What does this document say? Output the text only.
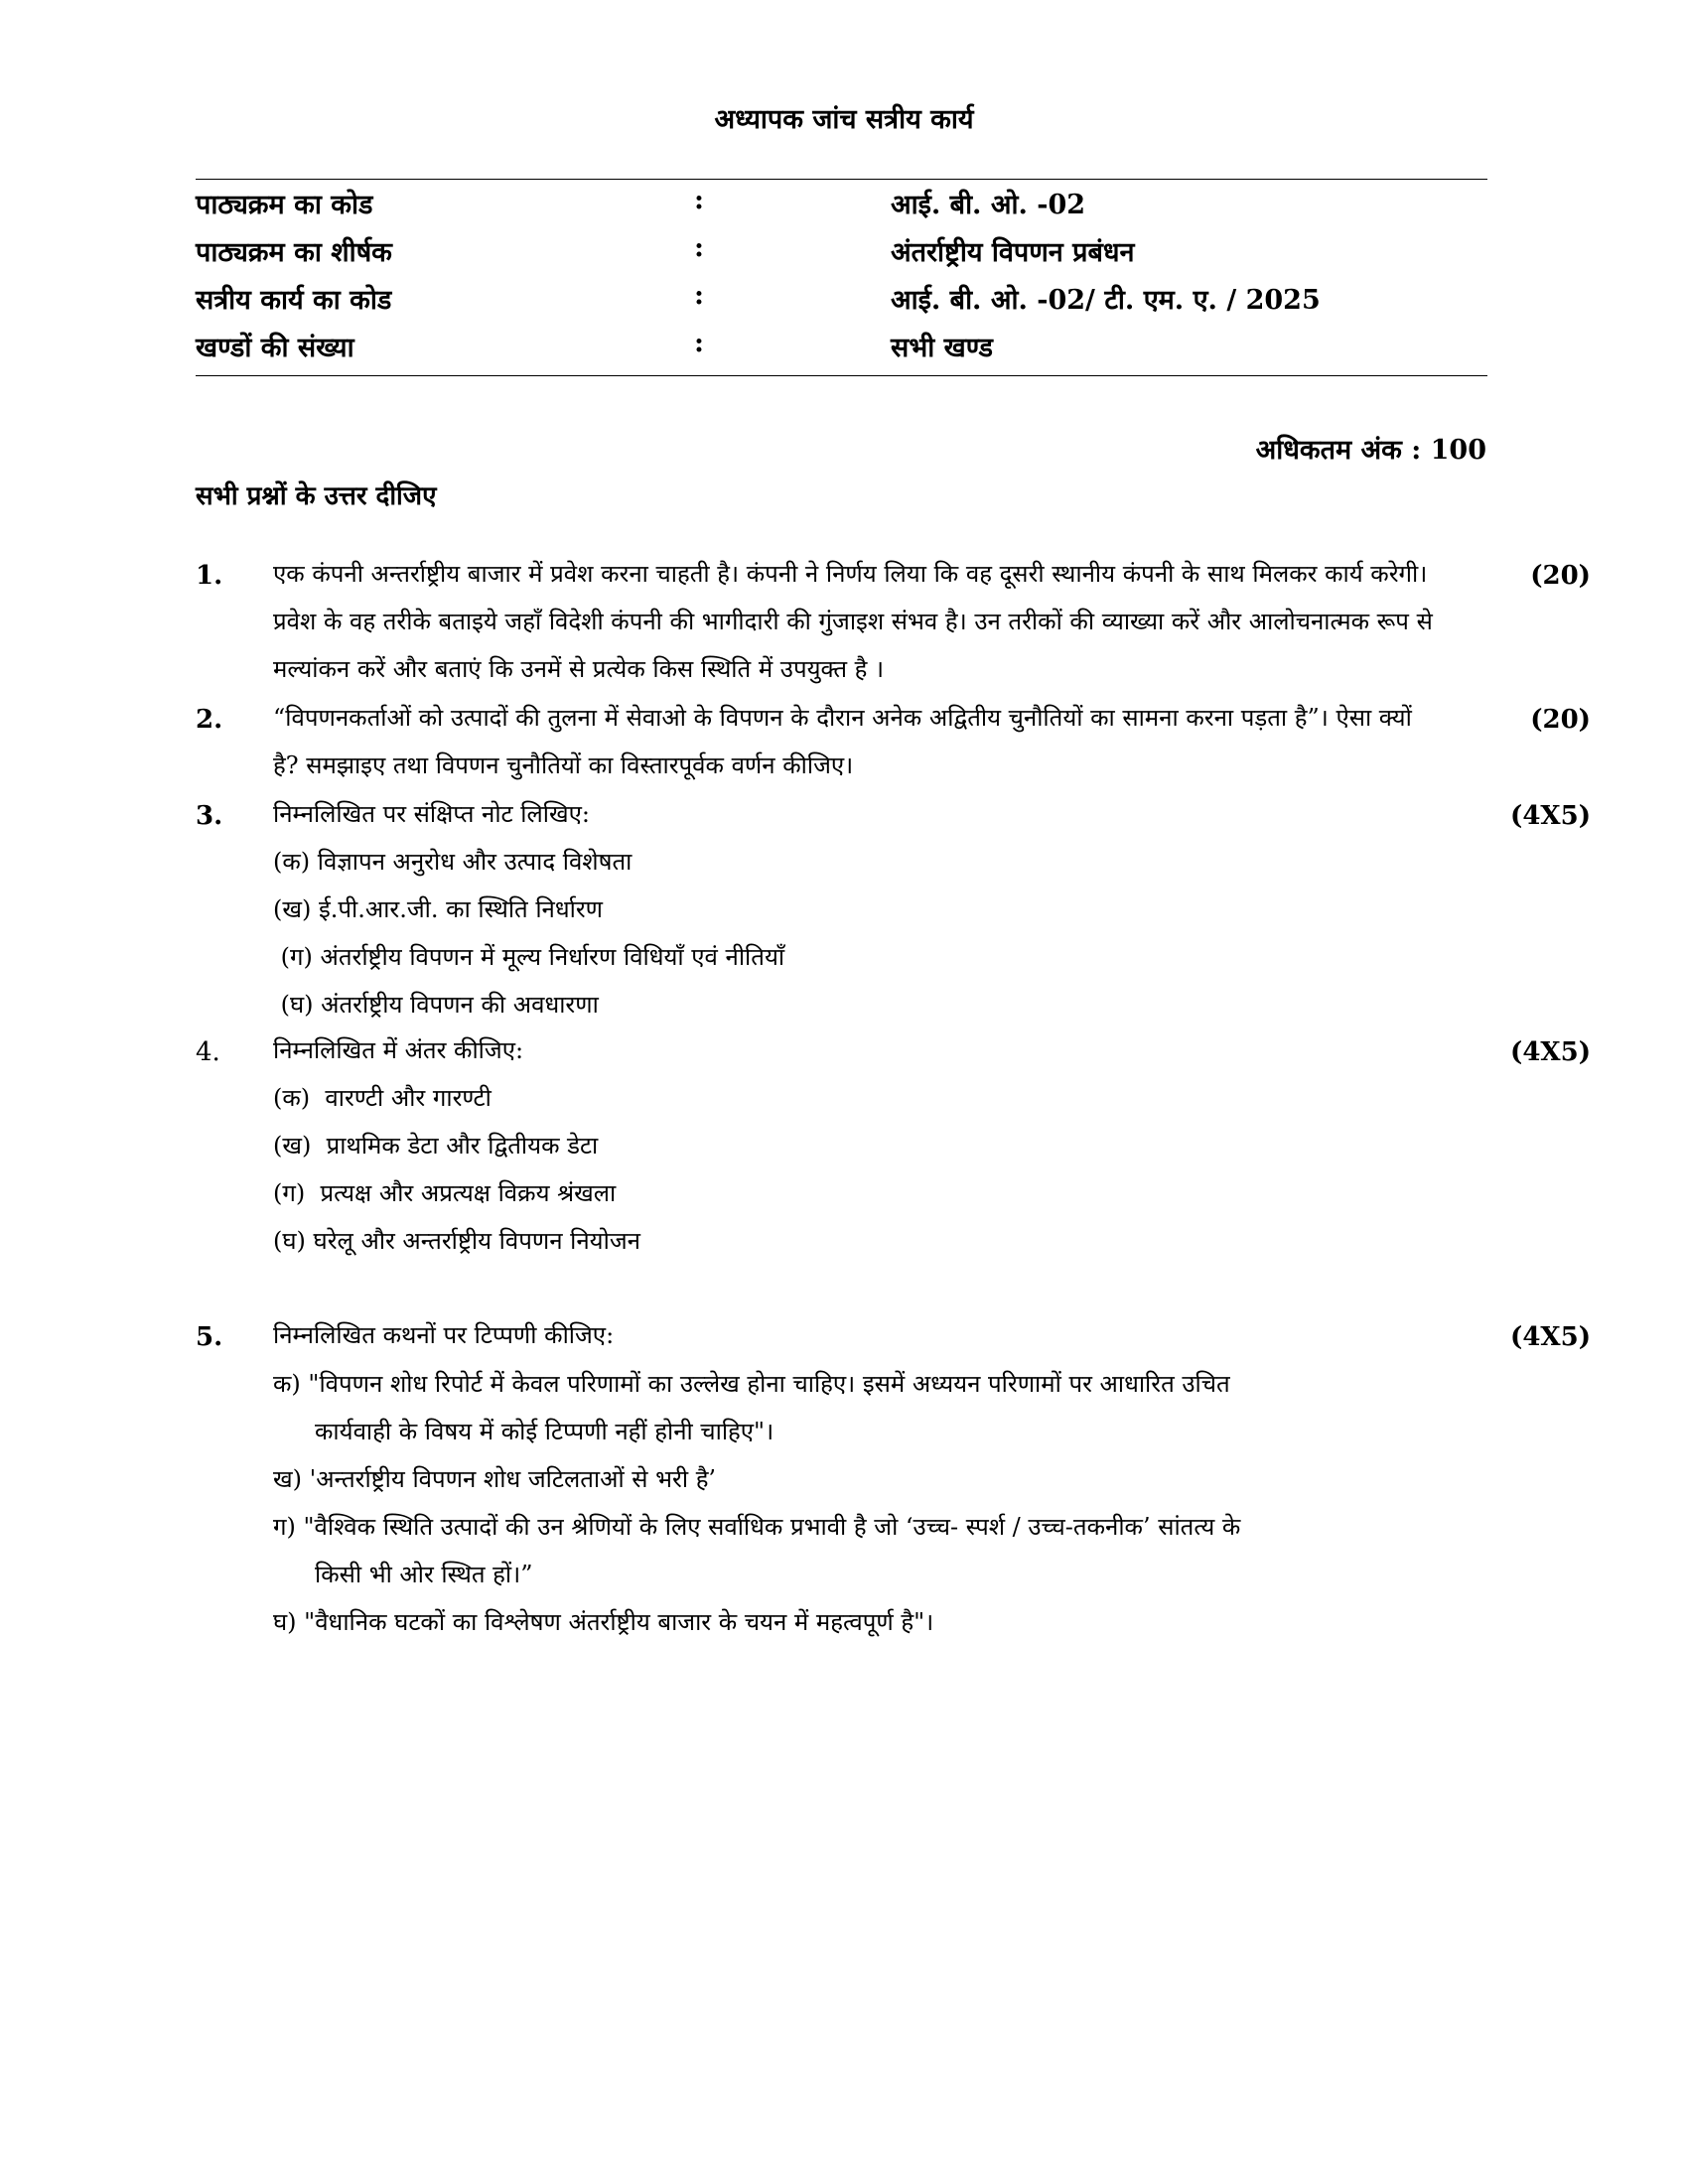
अध्यापक जांच सत्रीय कार्य
पाठ्यक्रम का कोड	:	आई. बी. ओ. -02
पाठ्यक्रम का शीर्षक	:	अंतर्राष्ट्रीय विपणन प्रबंधन
सत्रीय कार्य का कोड	:	आई. बी. ओ. -02/ टी. एम. ए. / 2025
खण्डों की संख्या	:	सभी खण्ड
अधिकतम अंक : 100
सभी प्रश्नों के उत्तर दीजिए
1. एक कंपनी अन्तर्राष्ट्रीय बाजार में प्रवेश करना चाहती है। कंपनी ने निर्णय लिया कि वह दूसरी स्थानीय कंपनी के साथ मिलकर कार्य करेगी। प्रवेश के वह तरीके बताइये जहाँ विदेशी कंपनी की भागीदारी की गुंजाइश संभव है। उन तरीकों की व्याख्या करें और आलोचनात्मक रूप से मल्यांकन करें और बताएं कि उनमें से प्रत्येक किस स्थिति में उपयुक्त है ।
(20)
2. “विपणनकर्ताओं को उत्पादों की तुलना में सेवाओ के विपणन के दौरान अनेक अद्वितीय चुनौतियों का सामना करना पड़ता है”। ऐसा क्यों है? समझाइए तथा विपणन चुनौतियों का विस्तारपूर्वक वर्णन कीजिए।
(20)
3. निम्नलिखित पर संक्षिप्त नोट लिखिए:	(4X5)
(क) विज्ञापन अनुरोध और उत्पाद विशेषता
(ख) ई.पी.आर.जी. का स्थिति निर्धारण
(ग) अंतर्राष्ट्रीय विपणन में मूल्य निर्धारण विधियाँ एवं नीतियाँ
(घ) अंतर्राष्ट्रीय विपणन की अवधारणा
4. निम्नलिखित में अंतर कीजिए:	(4X5)
(क)  वारण्टी और गारण्टी
(ख)  प्राथमिक डेटा और द्वितीयक डेटा
(ग)  प्रत्यक्ष और अप्रत्यक्ष विक्रय श्रंखला
(घ) घरेलू और अन्तर्राष्ट्रीय विपणन नियोजन
5. निम्नलिखित कथनों पर टिप्पणी कीजिए:	(4X5)
क) "विपणन शोध रिपोर्ट में केवल परिणामों का उल्लेख होना चाहिए। इसमें अध्ययन परिणामों पर आधारित उचित
कार्यवाही के विषय में कोई टिप्पणी नहीं होनी चाहिए"।
ख) 'अन्तर्राष्ट्रीय विपणन शोध जटिलताओं से भरी है’
ग) "वैश्विक स्थिति उत्पादों की उन श्रेणियों के लिए सर्वाधिक प्रभावी है जो ‘उच्च- स्पर्श / उच्च-तकनीक’ सांतत्य के
किसी भी ओर स्थित हों।”
घ) "वैधानिक घटकों का विश्लेषण अंतर्राष्ट्रीय बाजार के चयन में महत्वपूर्ण है"।
